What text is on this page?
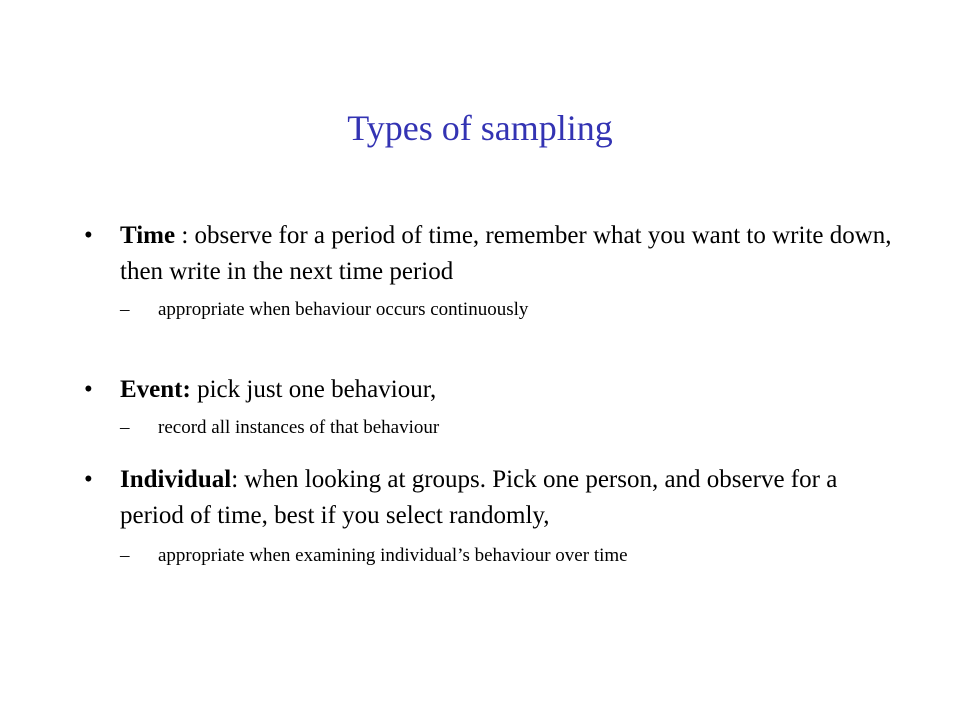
Types of sampling
•	Time : observe for a period of time, remember what you want to write down, then write in the next time period
– appropriate when behaviour occurs continuously
•	Event: pick just one behaviour,
– record all instances of that behaviour
•	Individual: when looking at groups. Pick one person, and observe for a period of time, best if you select randomly,
– appropriate when examining individual’s behaviour over time
